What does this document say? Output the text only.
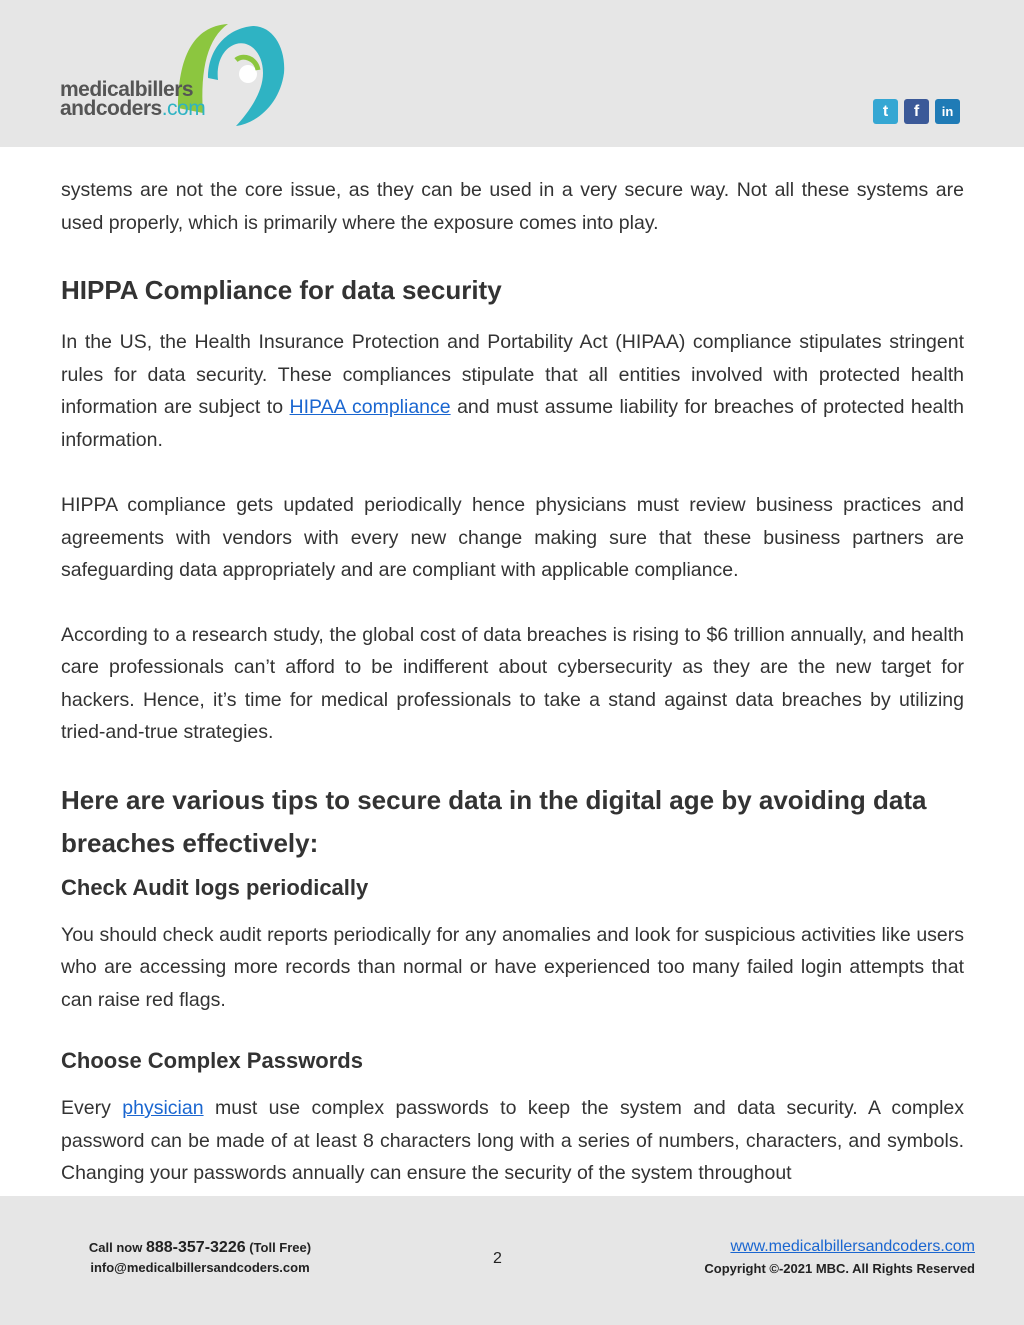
medicalbillers
andcoders.com	t	f	in

systems are not the core issue, as they can be used in a very secure way. Not all these systems are used properly, which is primarily where the exposure comes into play.

HIPPA Compliance for data security

In the US, the Health Insurance Protection and Portability Act (HIPAA) compliance stipulates stringent rules for data security. These compliances stipulate that all entities involved with protected health information are subject to HIPAA compliance and must assume liability for breaches of protected health information.

HIPPA compliance gets updated periodically hence physicians must review business practices and agreements with vendors with every new change making sure that these business partners are safeguarding data appropriately and are compliant with applicable compliance.

According to a research study, the global cost of data breaches is rising to $6 trillion annually, and health care professionals can’t afford to be indifferent about cybersecurity as they are the new target for hackers. Hence, it’s time for medical professionals to take a stand against data breaches by utilizing tried-and-true strategies.

Here are various tips to secure data in the digital age by avoiding data breaches effectively:
Check Audit logs periodically

You should check audit reports periodically for any anomalies and look for suspicious activities like users who are accessing more records than normal or have experienced too many failed login attempts that can raise red flags.

Choose Complex Passwords

Every physician must use complex passwords to keep the system and data security. A complex password can be made of at least 8 characters long with a series of numbers, characters, and symbols. Changing your passwords annually can ensure the security of the system throughout

Call now 888-357-3226 (Toll Free)
info@medicalbillersandcoders.com
2
www.medicalbillersandcoders.com
Copyright ©-2021 MBC. All Rights Reserved
